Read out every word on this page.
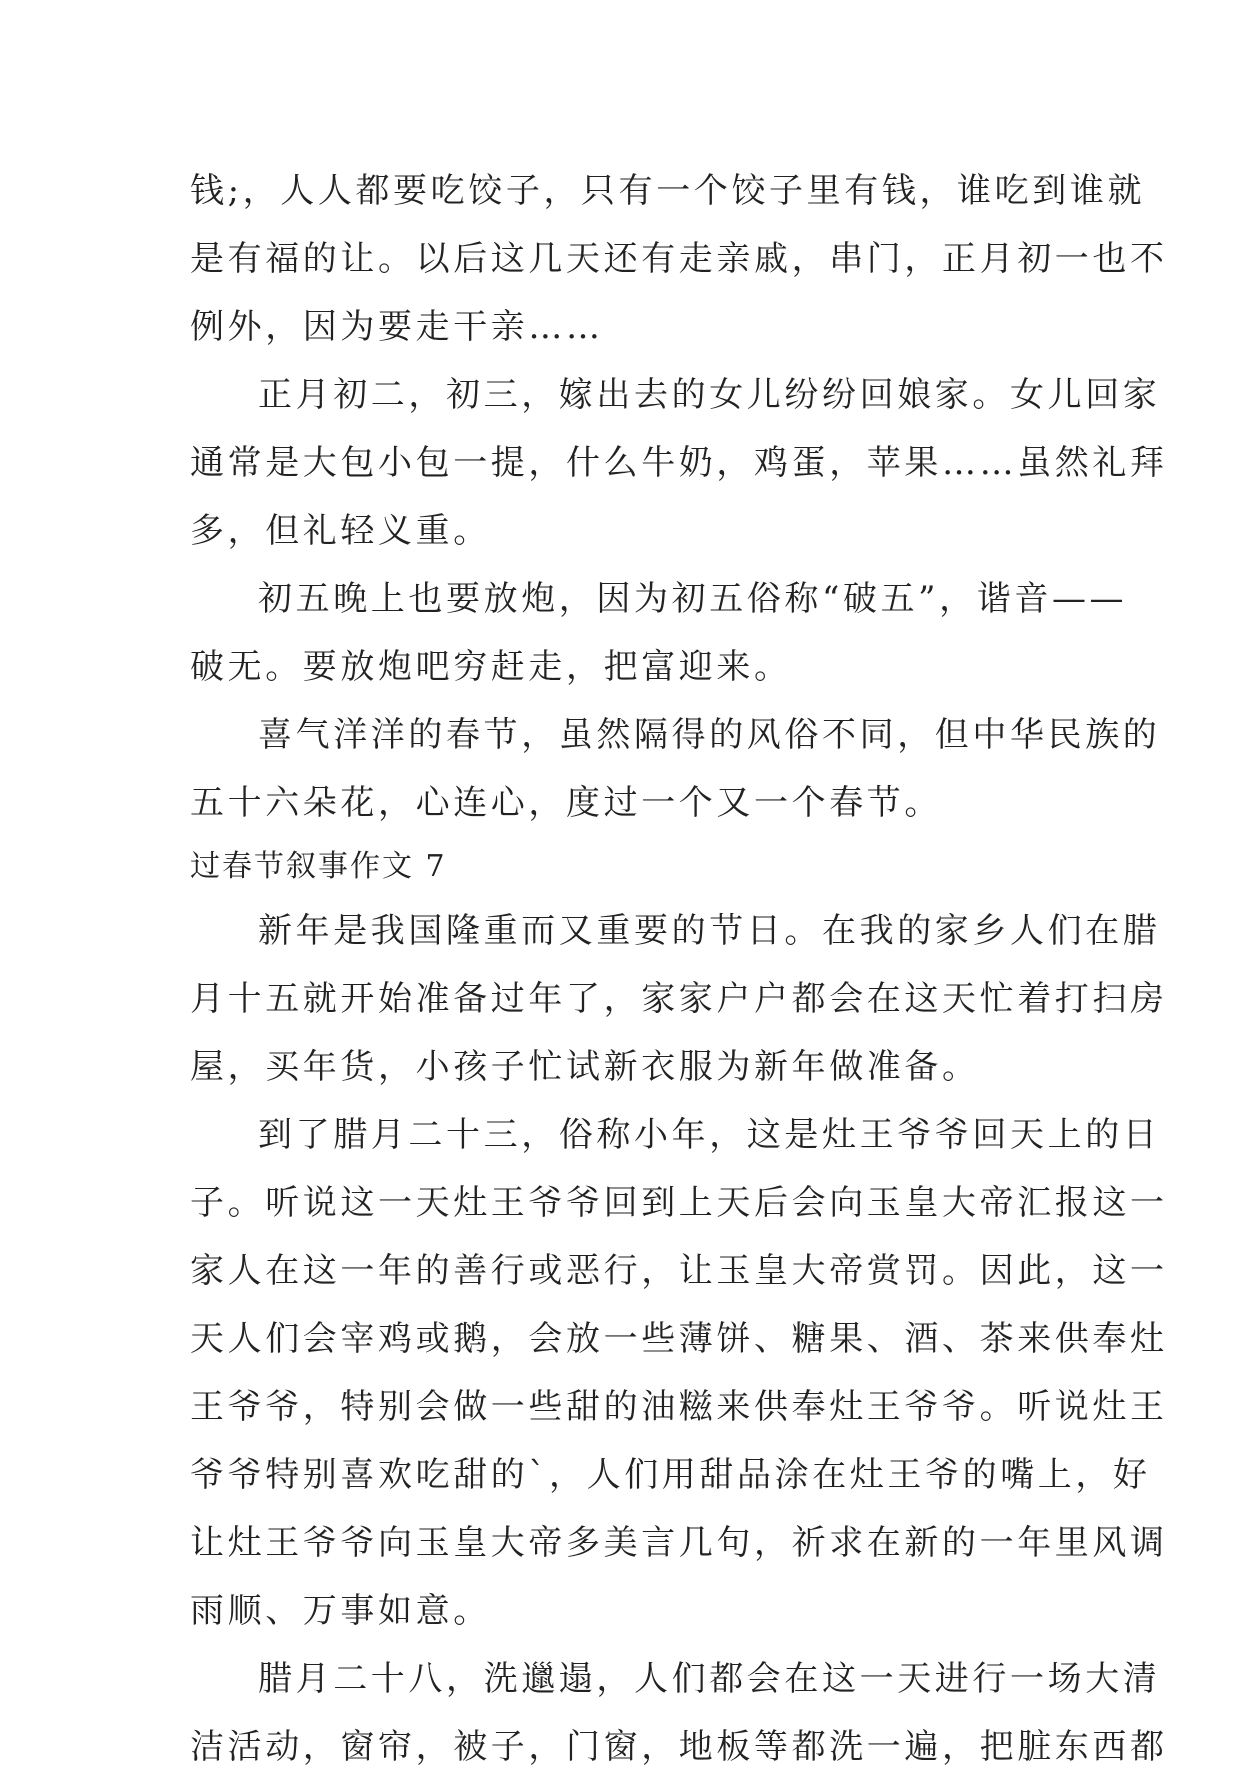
钱;，人人都要吃饺子，只有一个饺子里有钱，谁吃到谁就
是有福的让。以后这几天还有走亲戚，串门，正月初一也不
例外，因为要走干亲……
正月初二，初三，嫁出去的女儿纷纷回娘家。女儿回家
通常是大包小包一提，什么牛奶，鸡蛋，苹果……虽然礼拜
多，但礼轻义重。
初五晚上也要放炮，因为初五俗称“破五”，谐音——
破无。要放炮吧穷赶走，把富迎来。
喜气洋洋的春节，虽然隔得的风俗不同，但中华民族的
五十六朵花，心连心，度过一个又一个春节。
过春节叙事作文 7
新年是我国隆重而又重要的节日。在我的家乡人们在腊
月十五就开始准备过年了，家家户户都会在这天忙着打扫房
屋，买年货，小孩子忙试新衣服为新年做准备。
到了腊月二十三，俗称小年，这是灶王爷爷回天上的日
子。听说这一天灶王爷爷回到上天后会向玉皇大帝汇报这一
家人在这一年的善行或恶行，让玉皇大帝赏罚。因此，这一
天人们会宰鸡或鹅，会放一些薄饼、糖果、酒、茶来供奉灶
王爷爷，特别会做一些甜的油糍来供奉灶王爷爷。听说灶王
爷爷特别喜欢吃甜的`，人们用甜品涂在灶王爷的嘴上，好
让灶王爷爷向玉皇大帝多美言几句，祈求在新的一年里风调
雨顺、万事如意。
腊月二十八，洗邋遢，人们都会在这一天进行一场大清
洁活动，窗帘，被子，门窗，地板等都洗一遍，把脏东西都
